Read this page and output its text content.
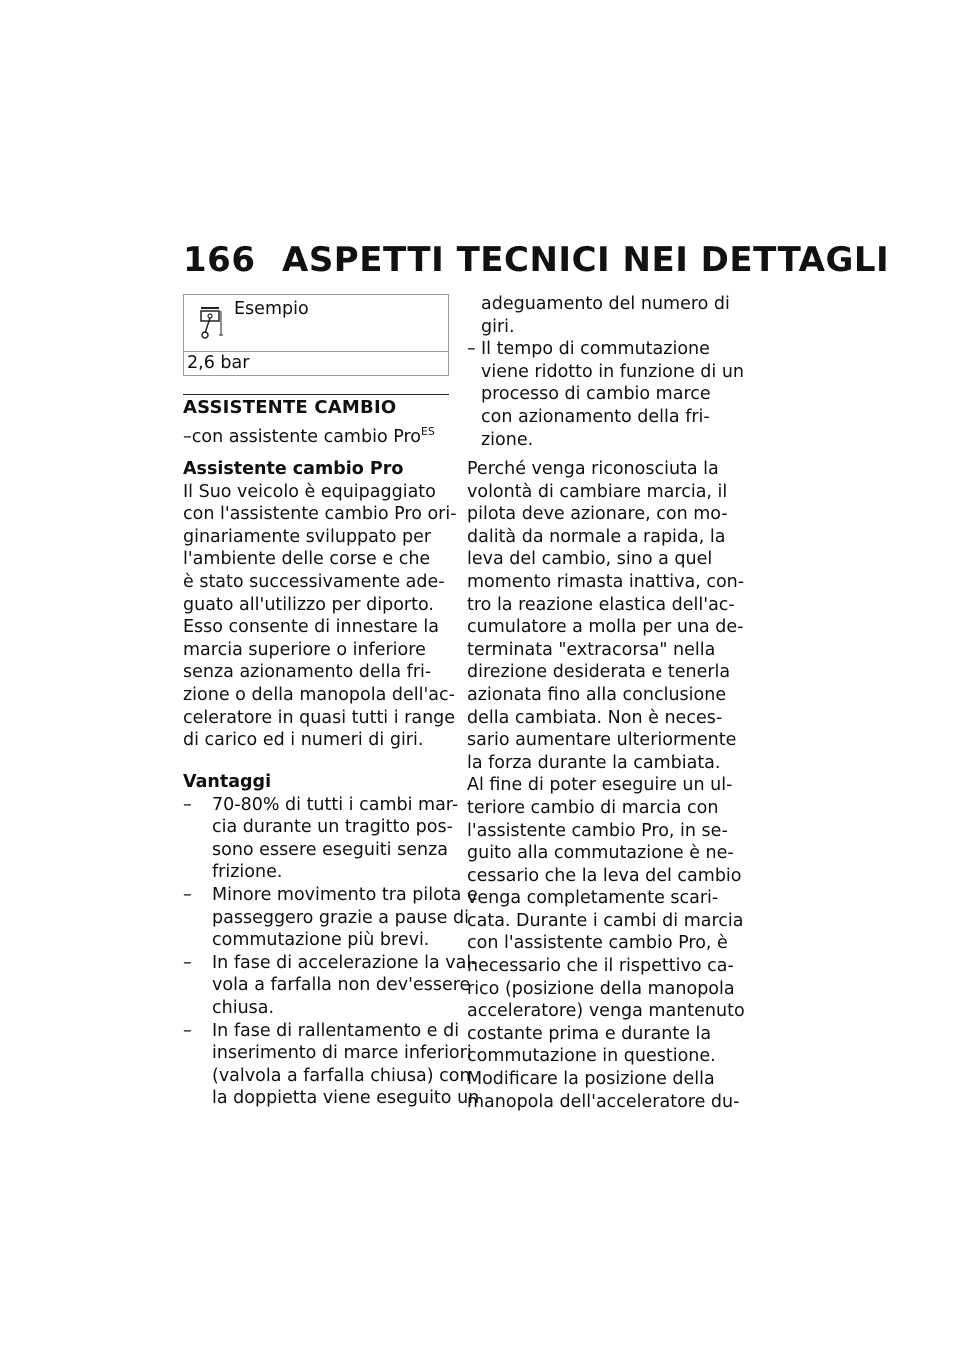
166 ASPETTI TECNICI NEI DETTAGLI
Esempio
2,6 bar
ASSISTENTE CAMBIO
–con assistente cambio Pro$^{ES}$
Assistente cambio Pro
Il Suo veicolo è equipaggiato
con l'assistente cambio Pro ori-
ginariamente sviluppato per
l'ambiente delle corse e che
è stato successivamente ade-
guato all'utilizzo per diporto.
Esso consente di innestare la
marcia superiore o inferiore
senza azionamento della fri-
zione o della manopola dell'ac-
celeratore in quasi tutti i range
di carico ed i numeri di giri.
Vantaggi
– 70-80% di tutti i cambi mar-
cia durante un tragitto pos-
sono essere eseguiti senza
frizione.
– Minore movimento tra pilota e
passeggero grazie a pause di
commutazione più brevi.
– In fase di accelerazione la val-
vola a farfalla non dev'essere
chiusa.
– In fase di rallentamento e di
inserimento di marce inferiori
(valvola a farfalla chiusa) con
la doppietta viene eseguito un
adeguamento del numero di
giri.
– Il tempo di commutazione
viene ridotto in funzione di un
processo di cambio marce
con azionamento della fri-
zione.
Perché venga riconosciuta la
volontà di cambiare marcia, il
pilota deve azionare, con mo-
dalità da normale a rapida, la
leva del cambio, sino a quel
momento rimasta inattiva, con-
tro la reazione elastica dell'ac-
cumulatore a molla per una de-
terminata "extracorsa" nella
direzione desiderata e tenerla
azionata fino alla conclusione
della cambiata. Non è neces-
sario aumentare ulteriormente
la forza durante la cambiata.
Al fine di poter eseguire un ul-
teriore cambio di marcia con
l'assistente cambio Pro, in se-
guito alla commutazione è ne-
cessario che la leva del cambio
venga completamente scari-
cata. Durante i cambi di marcia
con l'assistente cambio Pro, è
necessario che il rispettivo ca-
rico (posizione della manopola
acceleratore) venga mantenuto
costante prima e durante la
commutazione in questione.
Modificare la posizione della
manopola dell'acceleratore du-
